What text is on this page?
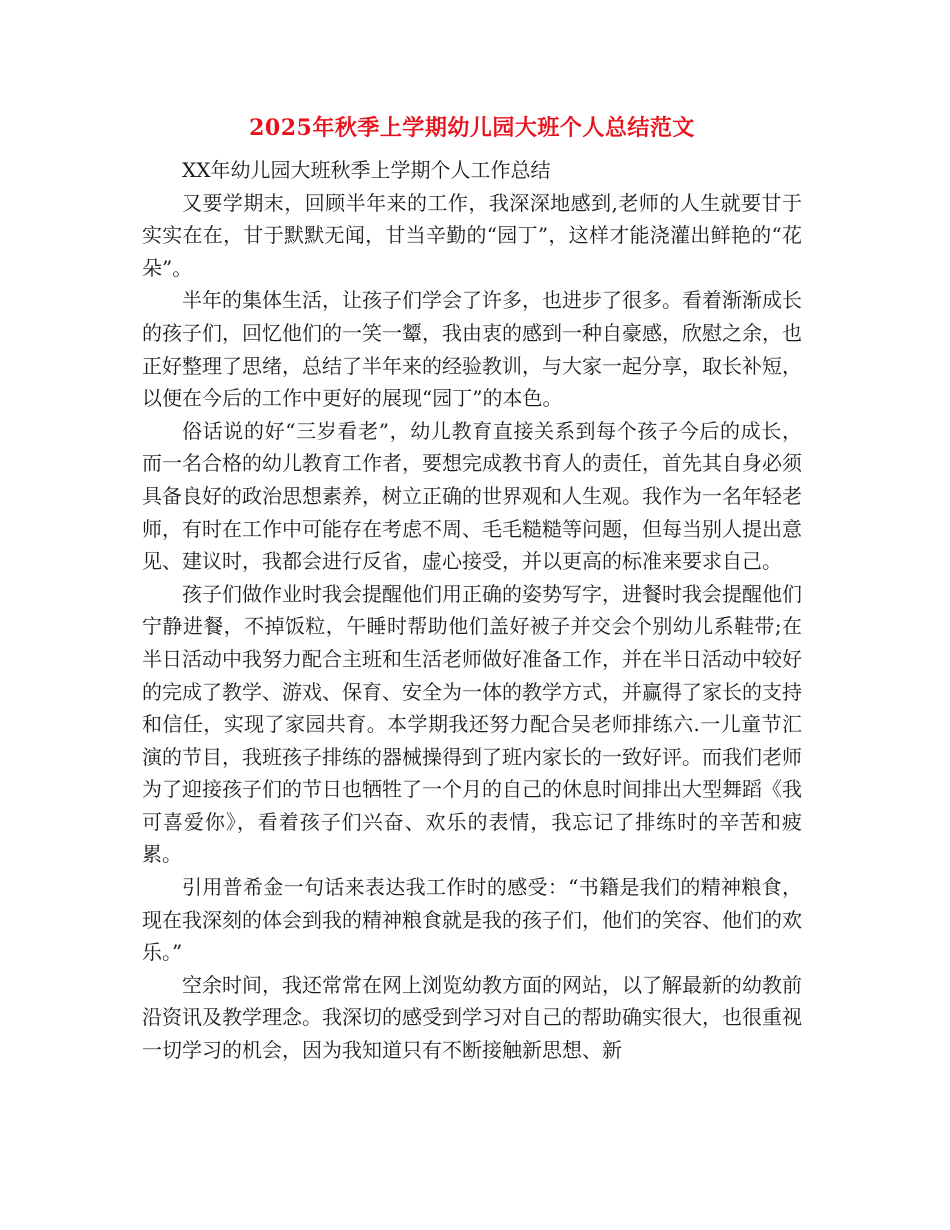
2025年秋季上学期幼儿园大班个人总结范文

XX年幼儿园大班秋季上学期个人工作总结

又要学期末，回顾半年来的工作，我深深地感到,老师的人生就要甘于实实在在，甘于默默无闻，甘当辛勤的“园丁”，这样才能浇灌出鲜艳的“花朵”。

半年的集体生活，让孩子们学会了许多，也进步了很多。看着渐渐成长的孩子们，回忆他们的一笑一颦，我由衷的感到一种自豪感，欣慰之余，也正好整理了思绪，总结了半年来的经验教训，与大家一起分享，取长补短，以便在今后的工作中更好的展现“园丁”的本色。

俗话说的好“三岁看老”，幼儿教育直接关系到每个孩子今后的成长，而一名合格的幼儿教育工作者，要想完成教书育人的责任，首先其自身必须具备良好的政治思想素养，树立正确的世界观和人生观。我作为一名年轻老师，有时在工作中可能存在考虑不周、毛毛糙糙等问题，但每当别人提出意见、建议时，我都会进行反省，虚心接受，并以更高的标准来要求自己。

孩子们做作业时我会提醒他们用正确的姿势写字，进餐时我会提醒他们宁静进餐，不掉饭粒，午睡时帮助他们盖好被子并交会个别幼儿系鞋带;在半日活动中我努力配合主班和生活老师做好准备工作，并在半日活动中较好的完成了教学、游戏、保育、安全为一体的教学方式，并赢得了家长的支持和信任，实现了家园共育。本学期我还努力配合吴老师排练六.一儿童节汇演的节目，我班孩子排练的器械操得到了班内家长的一致好评。而我们老师为了迎接孩子们的节日也牺牲了一个月的自己的休息时间排出大型舞蹈《我可喜爱你》，看着孩子们兴奋、欢乐的表情，我忘记了排练时的辛苦和疲累。

引用普希金一句话来表达我工作时的感受：“书籍是我们的精神粮食，现在我深刻的体会到我的精神粮食就是我的孩子们，他们的笑容、他们的欢乐。”

空余时间，我还常常在网上浏览幼教方面的网站，以了解最新的幼教前沿资讯及教学理念。我深切的感受到学习对自己的帮助确实很大，也很重视一切学习的机会，因为我知道只有不断接触新思想、新
